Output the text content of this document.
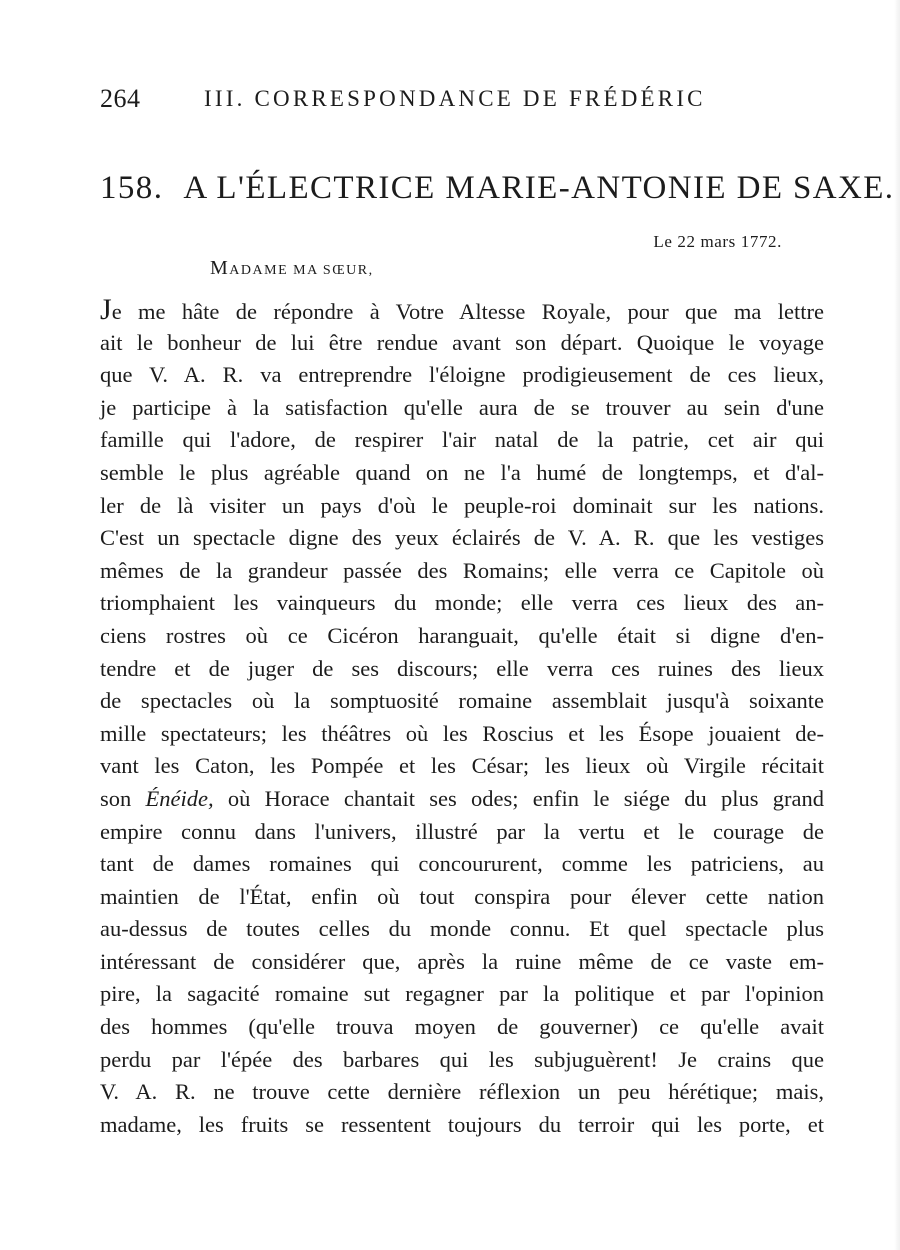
264	III. CORRESPONDANCE DE FRÉDÉRIC
158. A L'ÉLECTRICE MARIE-ANTONIE DE SAXE.
Le 22 mars 1772.
MADAME MA SŒUR,
Je me hâte de répondre à Votre Altesse Royale, pour que ma lettre
ait le bonheur de lui être rendue avant son départ. Quoique le voyage
que V. A. R. va entreprendre l'éloigne prodigieusement de ces lieux,
je participe à la satisfaction qu'elle aura de se trouver au sein d'une
famille qui l'adore, de respirer l'air natal de la patrie, cet air qui
semble le plus agréable quand on ne l'a humé de longtemps, et d'al-
ler de là visiter un pays d'où le peuple-roi dominait sur les nations.
C'est un spectacle digne des yeux éclairés de V. A. R. que les vestiges
mêmes de la grandeur passée des Romains; elle verra ce Capitole où
triomphaient les vainqueurs du monde; elle verra ces lieux des an-
ciens rostres où ce Cicéron haranguait, qu'elle était si digne d'en-
tendre et de juger de ses discours; elle verra ces ruines des lieux
de spectacles où la somptuosité romaine assemblait jusqu'à soixante
mille spectateurs; les théâtres où les Roscius et les Ésope jouaient de-
vant les Caton, les Pompée et les César; les lieux où Virgile récitait
son Énéide, où Horace chantait ses odes; enfin le siége du plus grand
empire connu dans l'univers, illustré par la vertu et le courage de
tant de dames romaines qui concoururent, comme les patriciens, au
maintien de l'État, enfin où tout conspira pour élever cette nation
au-dessus de toutes celles du monde connu. Et quel spectacle plus
intéressant de considérer que, après la ruine même de ce vaste em-
pire, la sagacité romaine sut regagner par la politique et par l'opinion
des hommes (qu'elle trouva moyen de gouverner) ce qu'elle avait
perdu par l'épée des barbares qui les subjuguèrent! Je crains que
V. A. R. ne trouve cette dernière réflexion un peu hérétique; mais,
madame, les fruits se ressentent toujours du terroir qui les porte, et
